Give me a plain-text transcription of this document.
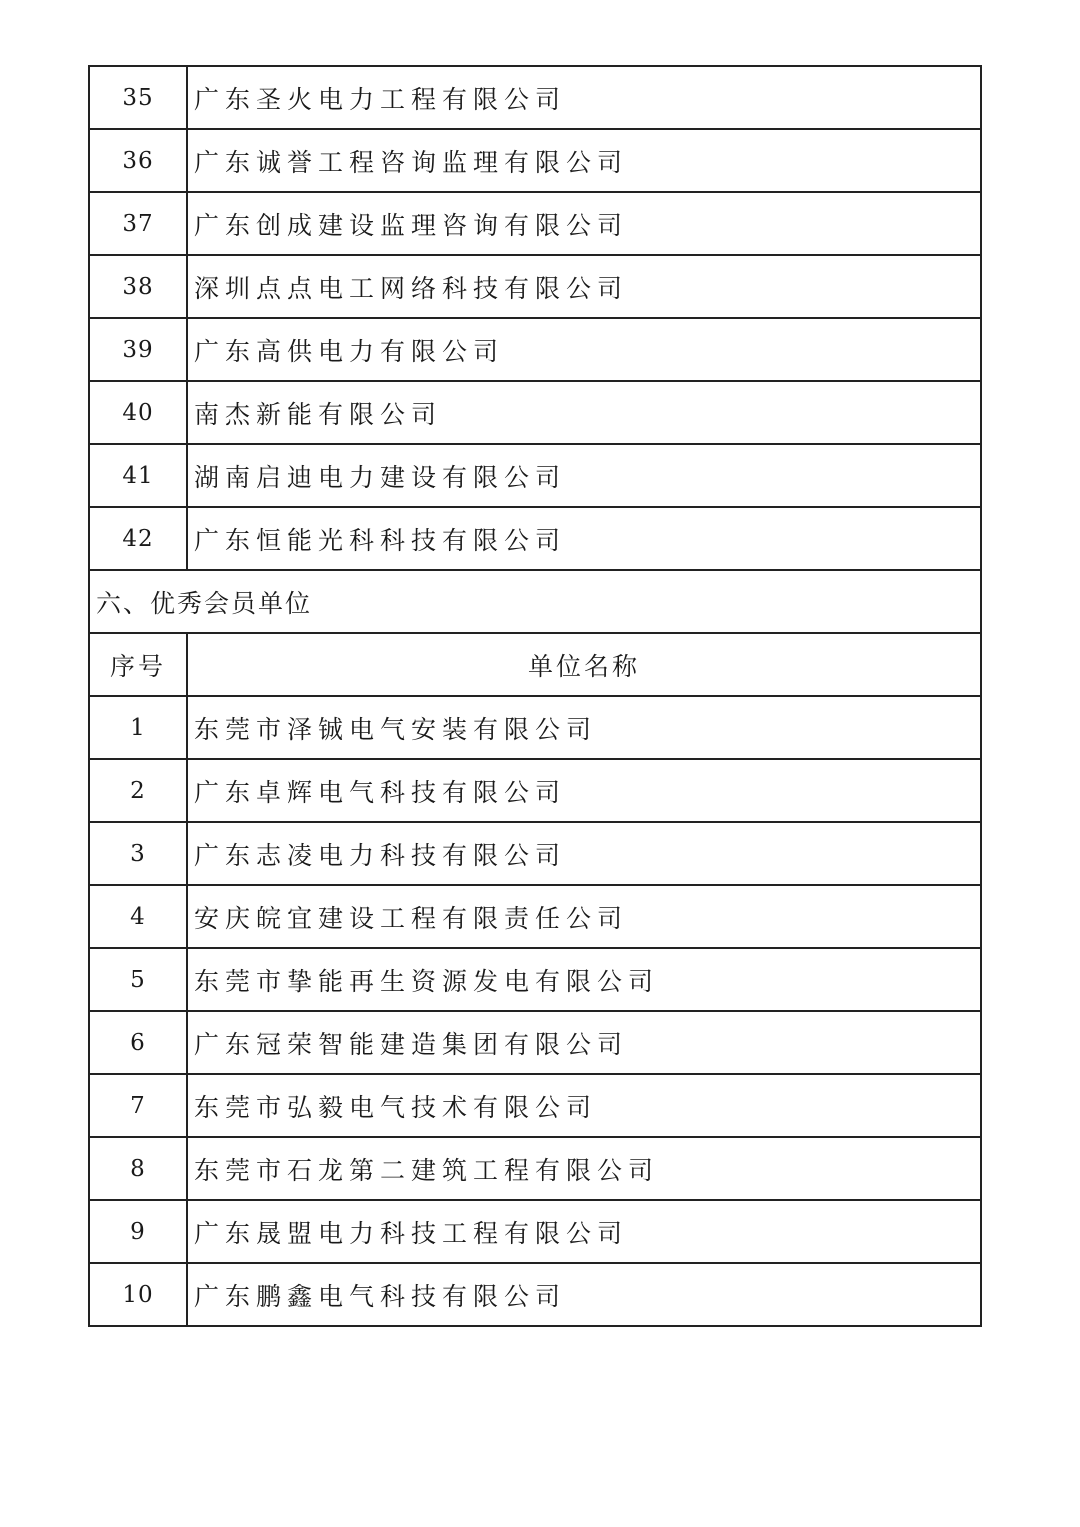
35	广东圣火电力工程有限公司
36	广东诚誉工程咨询监理有限公司
37	广东创成建设监理咨询有限公司
38	深圳点点电工网络科技有限公司
39	广东高供电力有限公司
40	南杰新能有限公司
41	湖南启迪电力建设有限公司
42	广东恒能光科科技有限公司
六、优秀会员单位	
序号	单位名称
1	东莞市泽铖电气安装有限公司
2	广东卓辉电气科技有限公司
3	广东志凌电力科技有限公司
4	安庆皖宜建设工程有限责任公司
5	东莞市挚能再生资源发电有限公司
6	广东冠荣智能建造集团有限公司
7	东莞市弘毅电气技术有限公司
8	东莞市石龙第二建筑工程有限公司
9	广东晟盟电力科技工程有限公司
10	广东鹏鑫电气科技有限公司
